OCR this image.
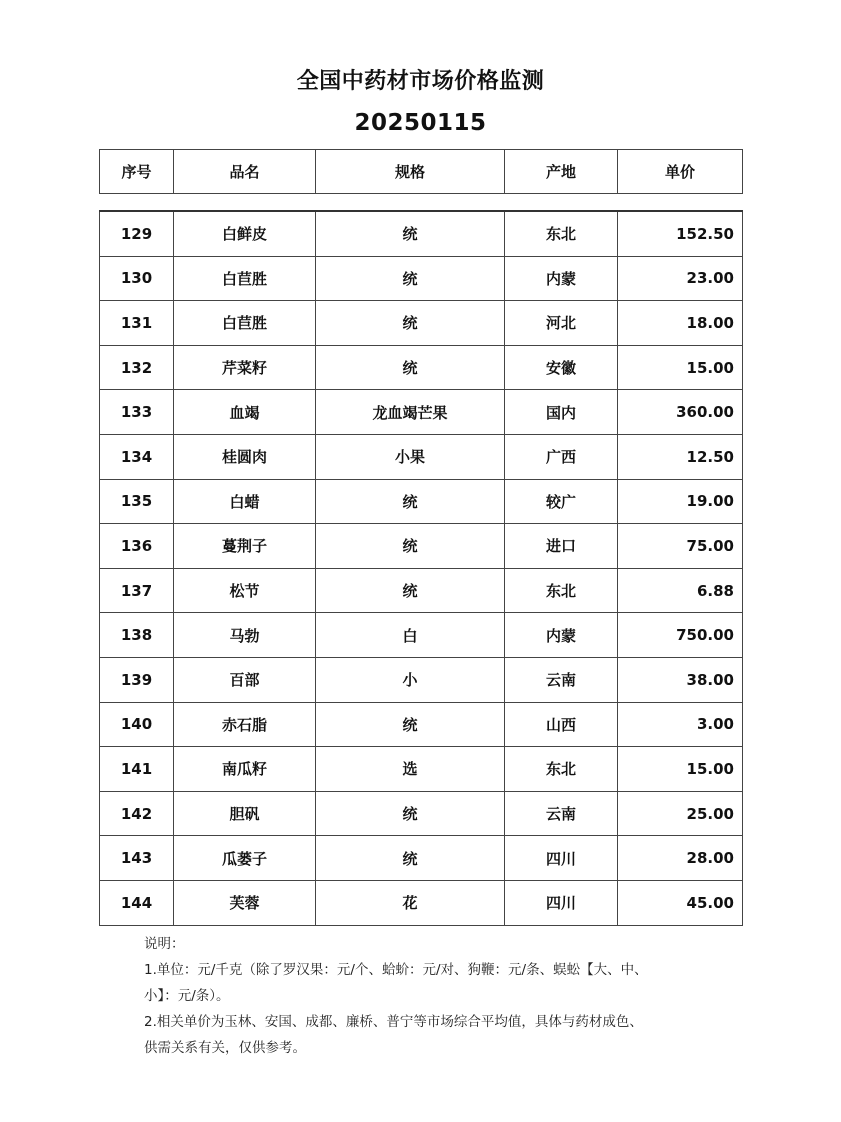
全国中药材市场价格监测
20250115
序号	品名	规格	产地	单价
129	白鲜皮	统	东北	152.50
130	白苣胜	统	内蒙	23.00
131	白苣胜	统	河北	18.00
132	芹菜籽	统	安徽	15.00
133	血竭	龙血竭芒果	国内	360.00
134	桂圆肉	小果	广西	12.50
135	白蜡	统	较广	19.00
136	蔓荆子	统	进口	75.00
137	松节	统	东北	6.88
138	马勃	白	内蒙	750.00
139	百部	小	云南	38.00
140	赤石脂	统	山西	3.00
141	南瓜籽	选	东北	15.00
142	胆矾	统	云南	25.00
143	瓜蒌子	统	四川	28.00
144	芙蓉	花	四川	45.00
说明：
1.单位：元/千克（除了罗汉果：元/个、蛤蚧：元/对、狗鞭：元/条、蜈蚣【大、中、
小】：元/条）。
2.相关单价为玉林、安国、成都、廉桥、普宁等市场综合平均值，具体与药材成色、
供需关系有关，仅供参考。
